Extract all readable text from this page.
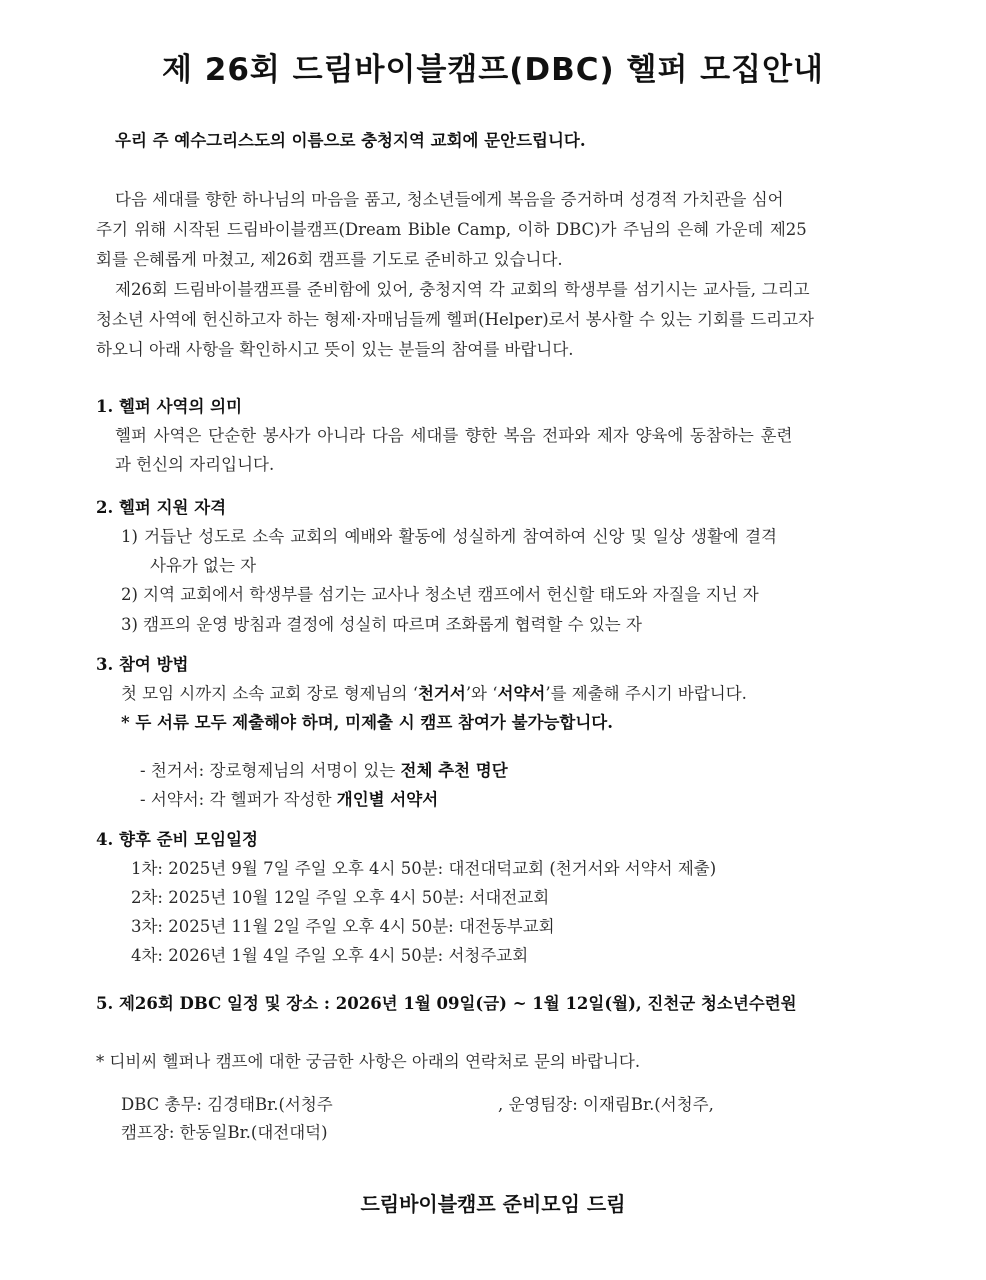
제 26회 드림바이블캠프(DBC) 헬퍼 모집안내
우리 주 예수그리스도의 이름으로 충청지역 교회에 문안드립니다.
다음 세대를 향한 하나님의 마음을 품고, 청소년들에게 복음을 증거하며 성경적 가치관을 심어
주기 위해 시작된 드림바이블캠프(Dream Bible Camp, 이하 DBC)가 주님의 은혜 가운데 제25
회를 은혜롭게 마쳤고, 제26회 캠프를 기도로 준비하고 있습니다.
제26회 드림바이블캠프를 준비함에 있어, 충청지역 각 교회의 학생부를 섬기시는 교사들, 그리고
청소년 사역에 헌신하고자 하는 형제·자매님들께 헬퍼(Helper)로서 봉사할 수 있는 기회를 드리고자
하오니 아래 사항을 확인하시고 뜻이 있는 분들의 참여를 바랍니다.
1. 헬퍼 사역의 의미
헬퍼 사역은 단순한 봉사가 아니라 다음 세대를 향한 복음 전파와 제자 양육에 동참하는 훈련
과 헌신의 자리입니다.
2. 헬퍼 지원 자격
1) 거듭난 성도로 소속 교회의 예배와 활동에 성실하게 참여하여 신앙 및 일상 생활에 결격
사유가 없는 자
2) 지역 교회에서 학생부를 섬기는 교사나 청소년 캠프에서 헌신할 태도와 자질을 지닌 자
3) 캠프의 운영 방침과 결정에 성실히 따르며 조화롭게 협력할 수 있는 자
3. 참여 방법
첫 모임 시까지 소속 교회 장로 형제님의 ‘천거서’와 ‘서약서’를 제출해 주시기 바랍니다.
* 두 서류 모두 제출해야 하며, 미제출 시 캠프 참여가 불가능합니다.
- 천거서: 장로형제님의 서명이 있는 전체 추천 명단
- 서약서: 각 헬퍼가 작성한 개인별 서약서
4. 향후 준비 모임일정
1차: 2025년 9월 7일 주일 오후 4시 50분: 대전대덕교회 (천거서와 서약서 제출)
2차: 2025년 10월 12일 주일 오후 4시 50분: 서대전교회
3차: 2025년 11월 2일 주일 오후 4시 50분: 대전동부교회
4차: 2026년 1월 4일 주일 오후 4시 50분: 서청주교회
5. 제26회 DBC 일정 및 장소 : 2026년 1월 09일(금) ~ 1월 12일(월), 진천군 청소년수련원
* 디비씨 헬퍼나 캠프에 대한 궁금한 사항은 아래의 연락처로 문의 바랍니다.
DBC 총무: 김경태Br.(서청주	, 운영팀장: 이재림Br.(서청주,
캠프장: 한동일Br.(대전대덕)
드림바이블캠프 준비모임 드림
